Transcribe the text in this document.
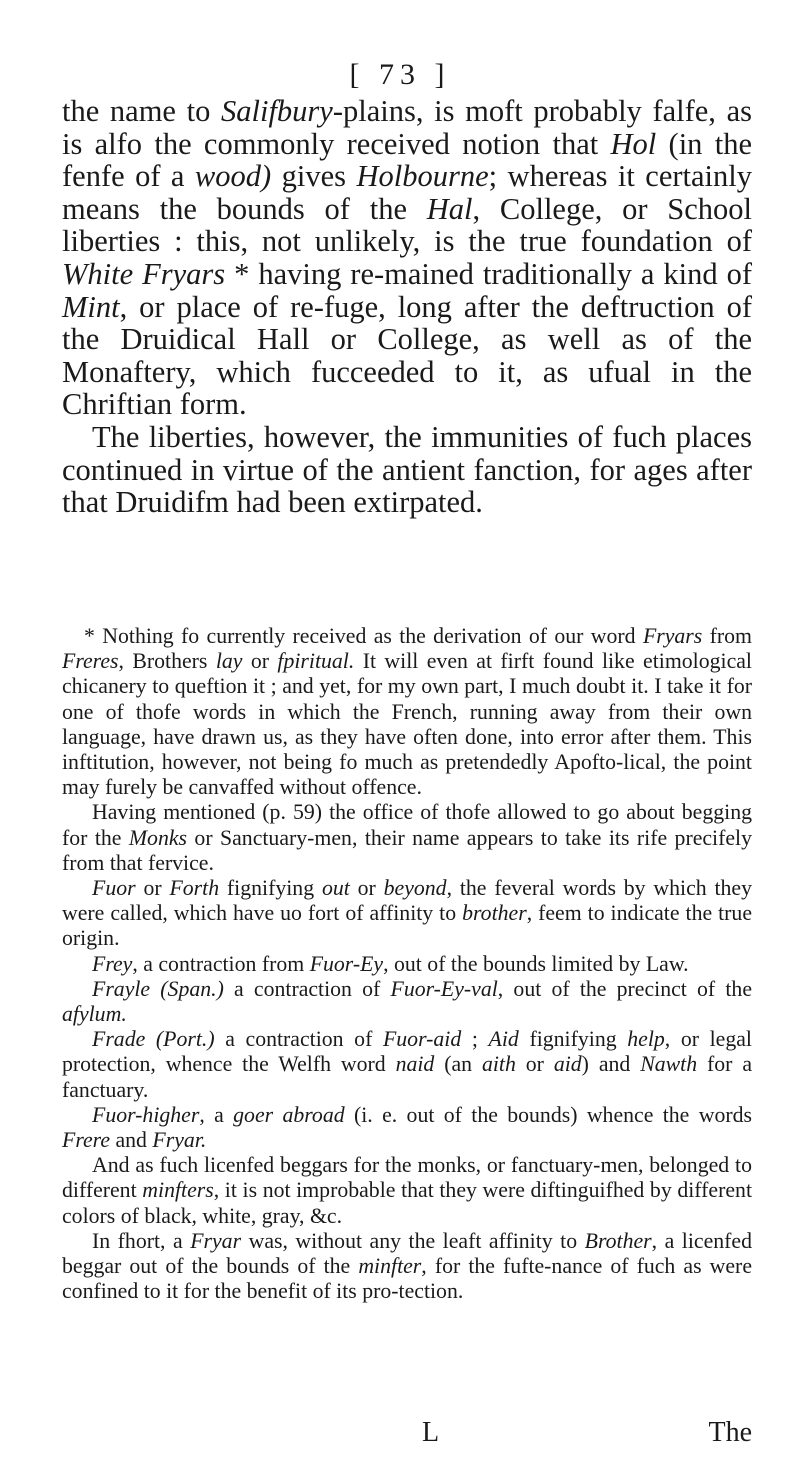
[ 73 ]

the name to Salifbury-plains, is moft probably falfe, as is alfo the commonly received notion that Hol (in the fenfe of a wood) gives Holbourne; whereas it certainly means the bounds of the Hal, College, or School liberties : this, not unlikely, is the true foundation of White Fryars * having re-mained traditionally a kind of Mint, or place of re-fuge, long after the deftruction of the Druidical Hall or College, as well as of the Monaftery, which fucceeded to it, as ufual in the Chriftian form.

The liberties, however, the immunities of fuch places continued in virtue of the antient fanction, for ages after that Druidifm had been extirpated.

* Nothing fo currently received as the derivation of our word Fryars from Freres, Brothers lay or fpiritual. It will even at firft found like etimological chicanery to queftion it ; and yet, for my own part, I much doubt it. I take it for one of thofe words in which the French, running away from their own language, have drawn us, as they have often done, into error after them. This inftitution, however, not being fo much as pretendedly Apofto-lical, the point may furely be canvaffed without offence.

Having mentioned (p. 59) the office of thofe allowed to go about begging for the Monks or Sanctuary-men, their name appears to take its rife precifely from that fervice.

Fuor or Forth fignifying out or beyond, the feveral words by which they were called, which have uo fort of affinity to brother, feem to indicate the true origin.

Frey, a contraction from Fuor-Ey, out of the bounds limited by Law.

Frayle (Span.) a contraction of Fuor-Ey-val, out of the precinct of the afylum.

Frade (Port.) a contraction of Fuor-aid ; Aid fignifying help, or legal protection, whence the Welfh word naid (an aith or aid) and Nawth for a fanctuary.

Fuor-higher, a goer abroad (i. e. out of the bounds) whence the words Frere and Fryar.

And as fuch licenfed beggars for the monks, or fanctuary-men, belonged to different minfters, it is not improbable that they were diftinguifhed by different colors of black, white, gray, &c.

In fhort, a Fryar was, without any the leaft affinity to Brother, a licenfed beggar out of the bounds of the minfter, for the fufte-nance of fuch as were confined to it for the benefit of its pro-tection.

L	The
